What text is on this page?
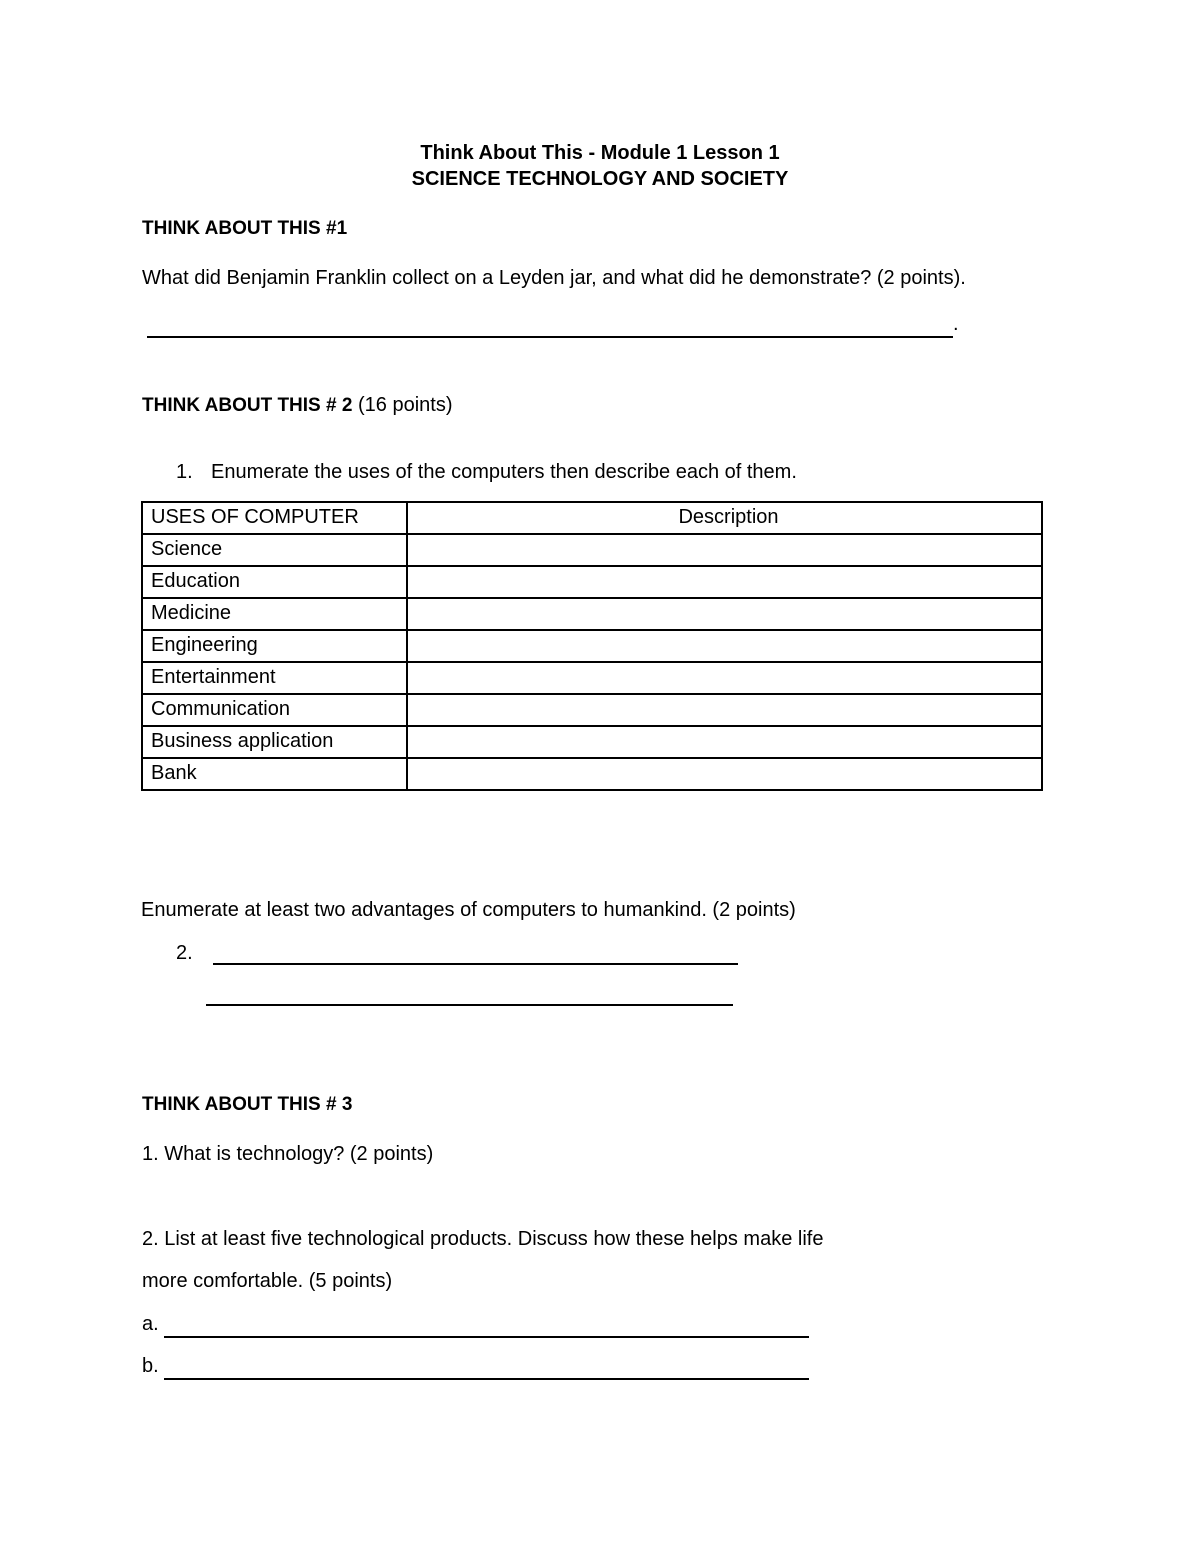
Think About This - Module 1 Lesson 1
SCIENCE TECHNOLOGY AND SOCIETY
THINK ABOUT THIS #1
What did Benjamin Franklin collect on a Leyden jar, and what did he demonstrate? (2 points).
.
THINK ABOUT THIS # 2 (16 points)
1. Enumerate the uses of the computers then describe each of them.
USES OF COMPUTER	Description
Science	
Education	
Medicine	
Engineering	
Entertainment	
Communication	
Business application	
Bank	
Enumerate at least two advantages of computers to humankind. (2 points)
2.

THINK ABOUT THIS # 3
1. What is technology? (2 points)
2. List at least five technological products. Discuss how these helps make life
more comfortable. (5 points)
a.
b.
